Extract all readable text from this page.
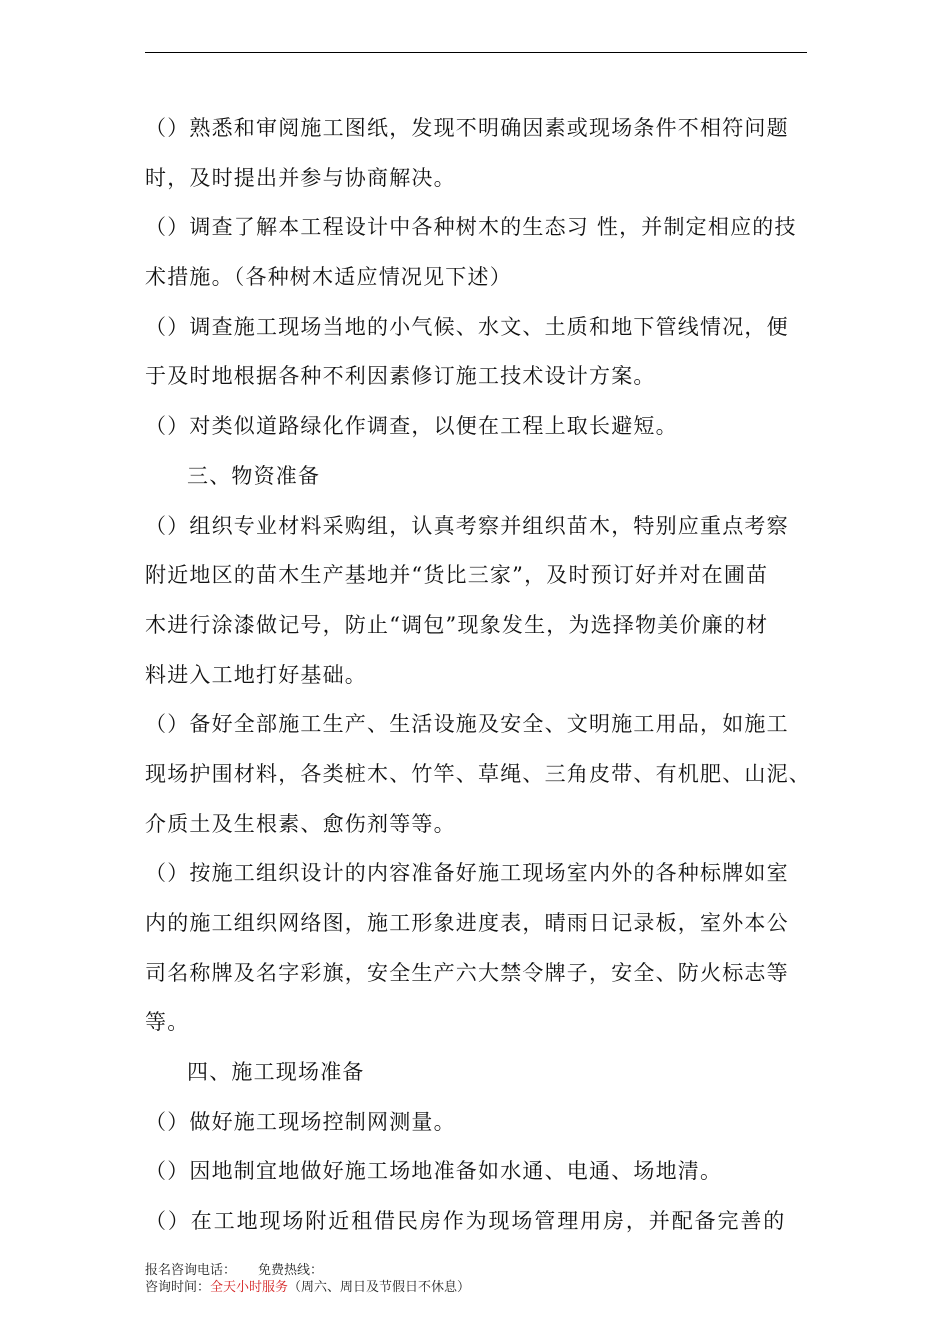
（）熟悉和审阅施工图纸，发现不明确因素或现场条件不相符问题
时，及时提出并参与协商解决。
（）调查了解本工程设计中各种树木的生态习 性，并制定相应的技
术措施。（各种树木适应情况见下述）
（）调查施工现场当地的小气候、水文、土质和地下管线情况，便
于及时地根据各种不利因素修订施工技术设计方案。
（）对类似道路绿化作调查，以便在工程上取长避短。
三、物资准备
（）组织专业材料采购组，认真考察并组织苗木，特别应重点考察
附近地区的苗木生产基地并“货比三家”，及时预订好并对在圃苗
木进行涂漆做记号，防止“调包”现象发生，为选择物美价廉的材
料进入工地打好基础。
（）备好全部施工生产、生活设施及安全、文明施工用品，如施工
现场护围材料，各类桩木、竹竿、草绳、三角皮带、有机肥、山泥、
介质土及生根素、愈伤剂等等。
（）按施工组织设计的内容准备好施工现场室内外的各种标牌如室
内的施工组织网络图，施工形象进度表，晴雨日记录板，室外本公
司名称牌及名字彩旗，安全生产六大禁令牌子，安全、防火标志等
等。
四、施工现场准备
（）做好施工现场控制网测量。
（）因地制宜地做好施工场地准备如水通、电通、场地清。
（）在工地现场附近租借民房作为现场管理用房，并配备完善的
报名咨询电话： 免费热线：
咨询时间：全天小时服务（周六、周日及节假日不休息）
